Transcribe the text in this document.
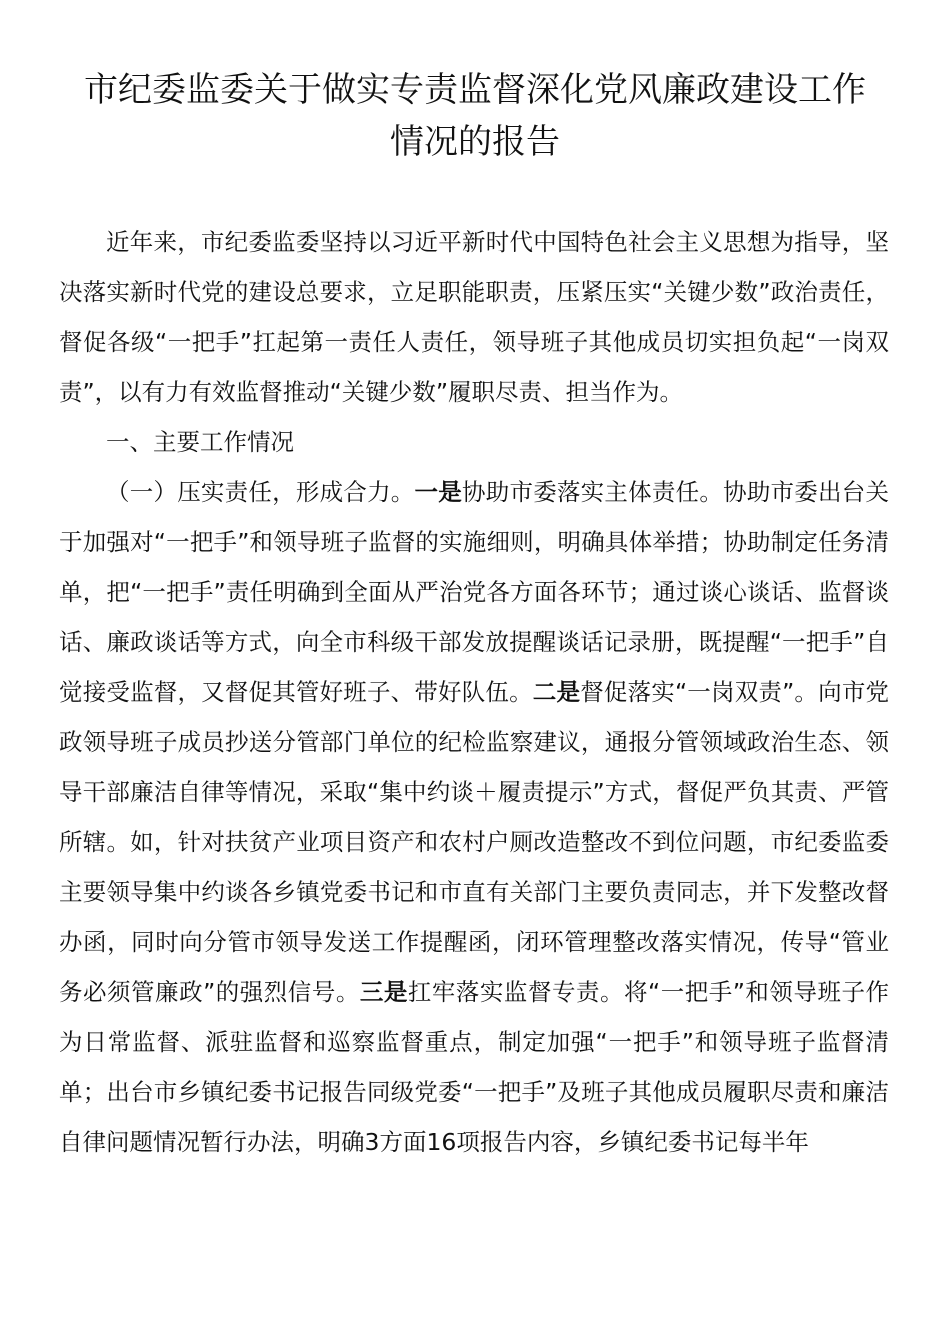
市纪委监委关于做实专责监督深化党风廉政建设工作
情况的报告

近年来，市纪委监委坚持以习近平新时代中国特色社会主义思想为指导，坚决落实新时代党的建设总要求，立足职能职责，压紧压实“关键少数”政治责任，督促各级“一把手”扛起第一责任人责任，领导班子其他成员切实担负起“一岗双责”，以有力有效监督推动“关键少数”履职尽责、担当作为。

一、主要工作情况

（一）压实责任，形成合力。一是协助市委落实主体责任。协助市委出台关于加强对“一把手”和领导班子监督的实施细则，明确具体举措；协助制定任务清单，把“一把手”责任明确到全面从严治党各方面各环节；通过谈心谈话、监督谈话、廉政谈话等方式，向全市科级干部发放提醒谈话记录册，既提醒“一把手”自觉接受监督，又督促其管好班子、带好队伍。二是督促落实“一岗双责”。向市党政领导班子成员抄送分管部门单位的纪检监察建议，通报分管领域政治生态、领导干部廉洁自律等情况，采取“集中约谈＋履责提示”方式，督促严负其责、严管所辖。如，针对扶贫产业项目资产和农村户厕改造整改不到位问题，市纪委监委主要领导集中约谈各乡镇党委书记和市直有关部门主要负责同志，并下发整改督办函，同时向分管市领导发送工作提醒函，闭环管理整改落实情况，传导“管业务必须管廉政”的强烈信号。三是扛牢落实监督专责。将“一把手”和领导班子作为日常监督、派驻监督和巡察监督重点，制定加强“一把手”和领导班子监督清单；出台市乡镇纪委书记报告同级党委“一把手”及班子其他成员履职尽责和廉洁自律问题情况暂行办法，明确3方面16项报告内容，乡镇纪委书记每半年
